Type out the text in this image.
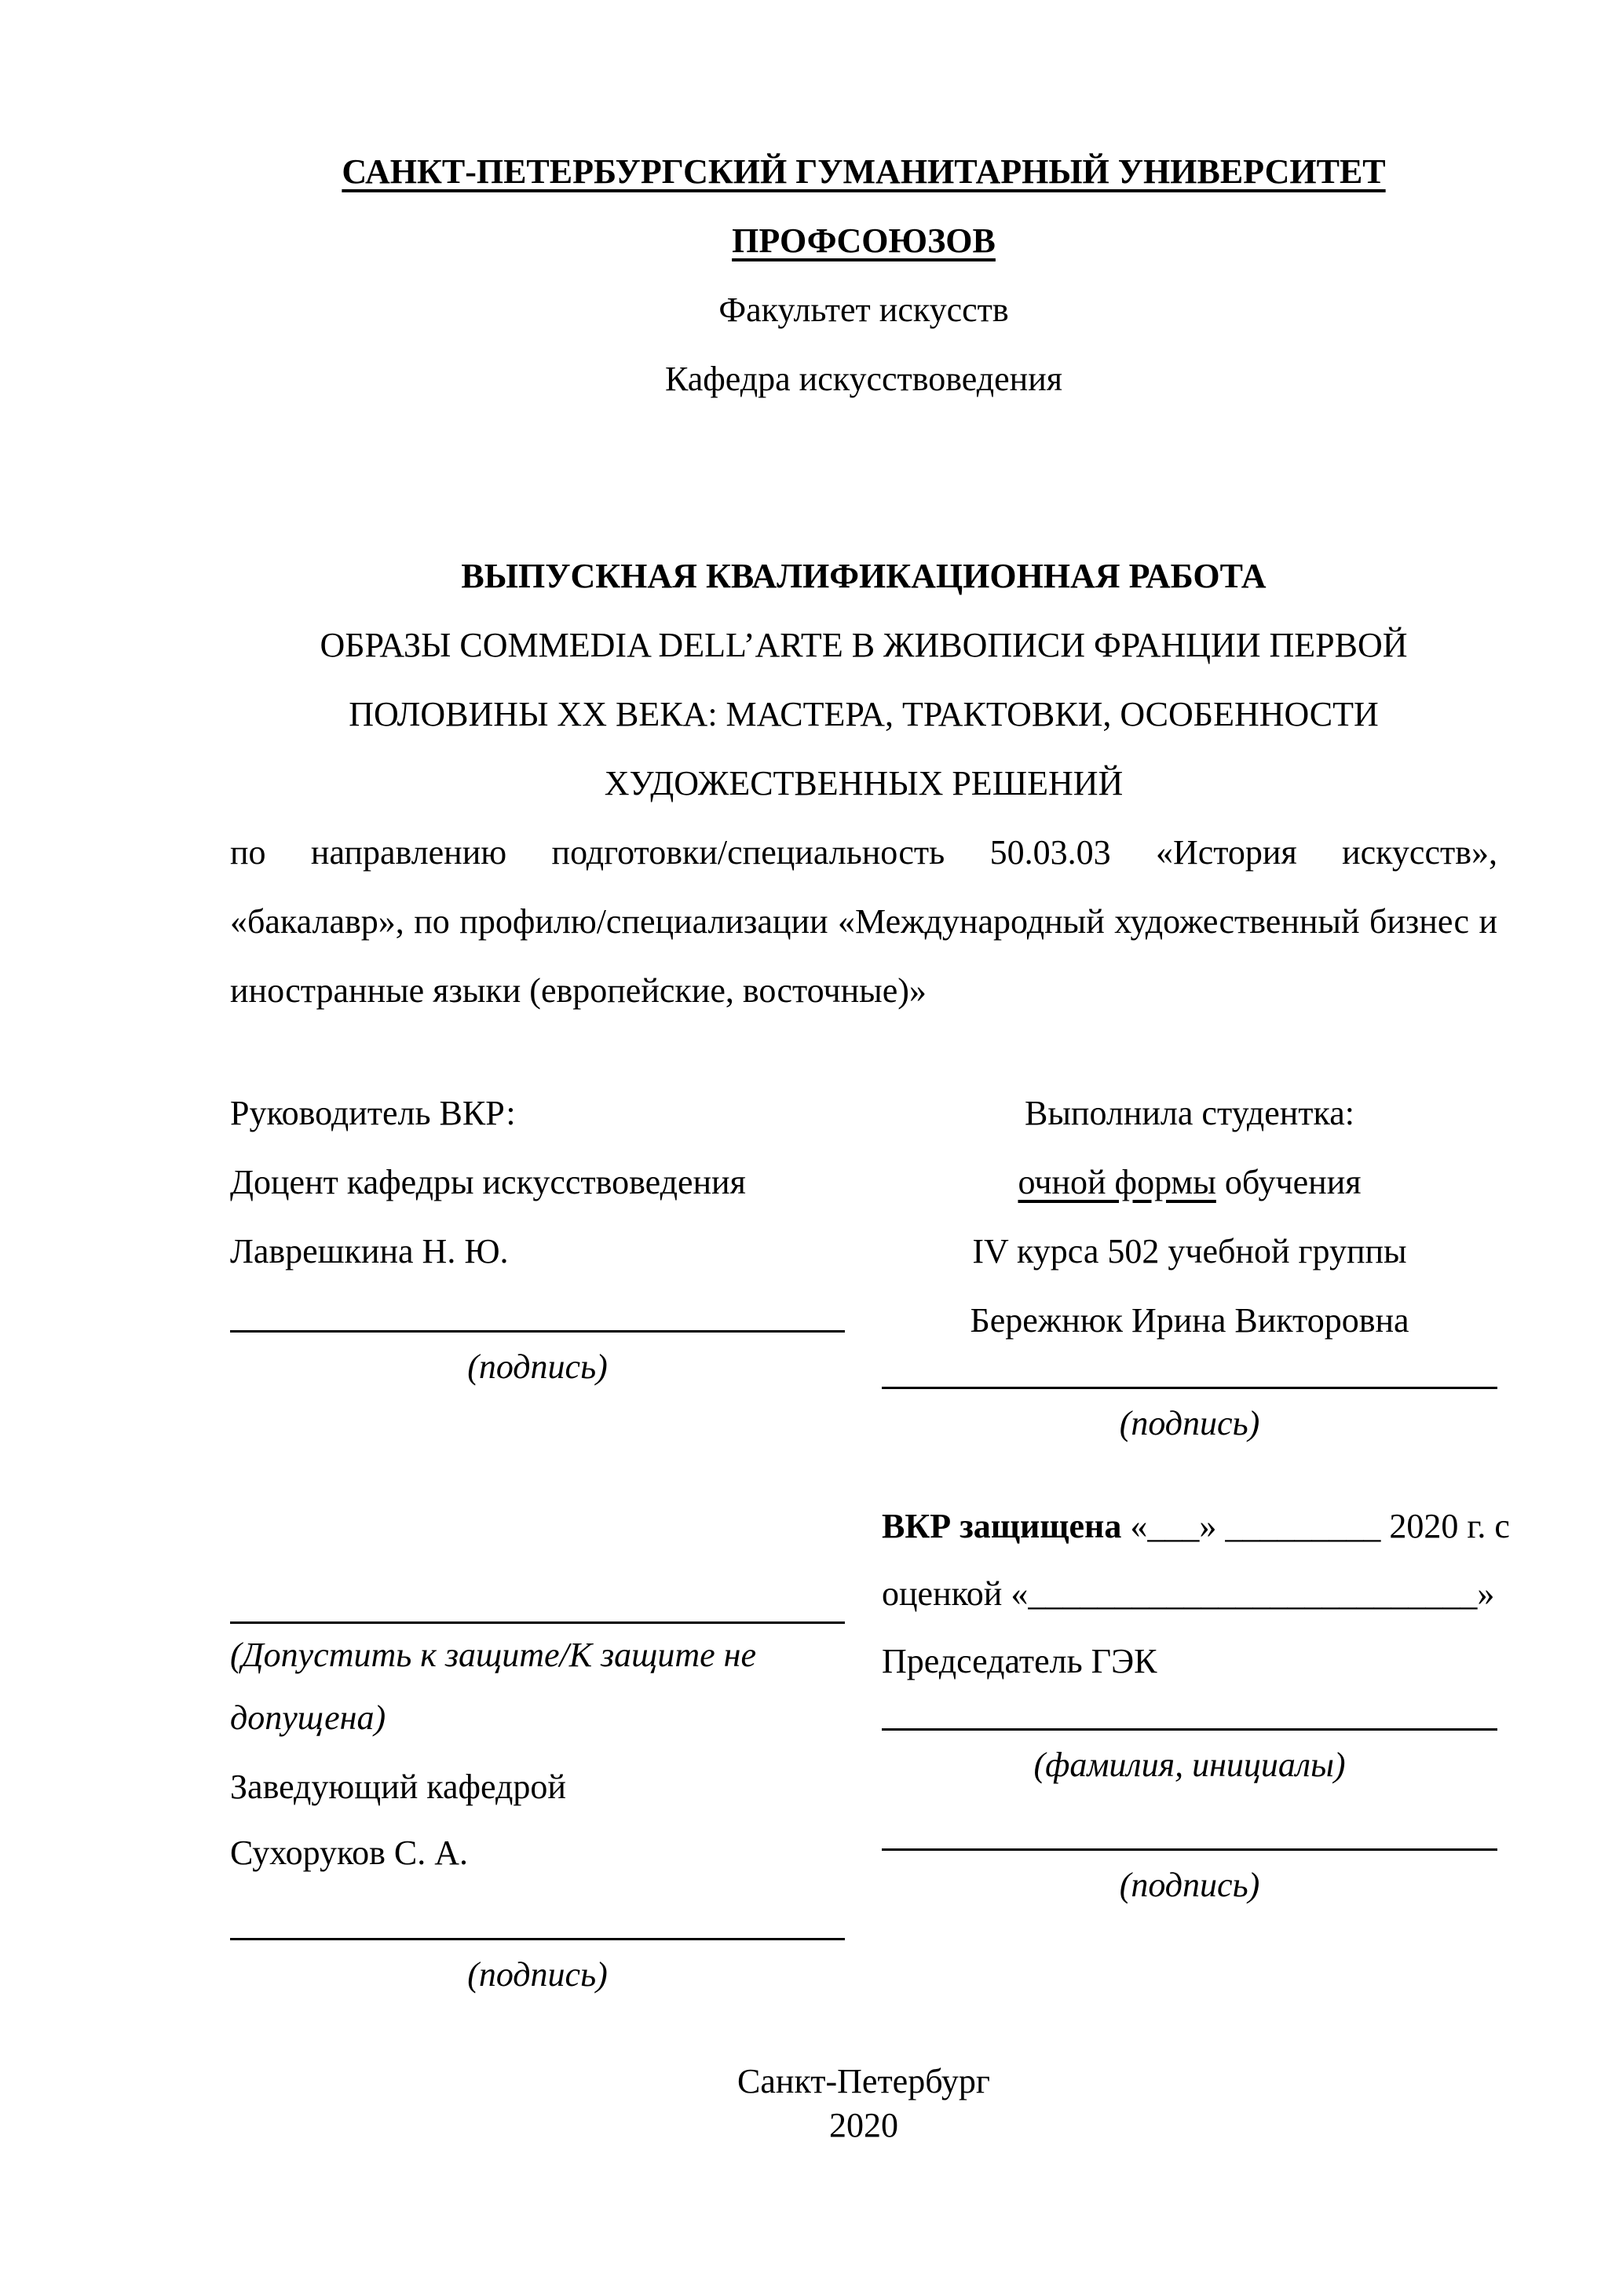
САНКТ-ПЕТЕРБУРГСКИЙ ГУМАНИТАРНЫЙ УНИВЕРСИТЕТ
ПРОФСОЮЗОВ
Факультет искусств
Кафедра искусствоведения
ВЫПУСКНАЯ КВАЛИФИКАЦИОННАЯ РАБОТА
ОБРАЗЫ COMMEDIA DELL’ARTE В ЖИВОПИСИ ФРАНЦИИ ПЕРВОЙ ПОЛОВИНЫ XX ВЕКА: МАСТЕРА, ТРАКТОВКИ, ОСОБЕННОСТИ ХУДОЖЕСТВЕННЫХ РЕШЕНИЙ
по направлению подготовки/специальность 50.03.03 «История искусств», «бакалавр», по профилю/специализации «Международный художественный бизнес и иностранные языки (европейские, восточные)»
Руководитель ВКР:
Доцент кафедры искусствоведения
Лаврешкина Н. Ю.
(подпись)
(Допустить к защите/К защите не допущена)
Заведующий кафедрой
Сухоруков С. А.
(подпись)
Выполнила студентка:
очной формы обучения
IV курса 502 учебной группы
Бережнюк Ирина Викторовна
(подпись)
ВКР защищена «___» _________ 2020 г. с
оценкой «__________________________»
Председатель ГЭК
(фамилия, инициалы)
(подпись)
Санкт-Петербург
2020
